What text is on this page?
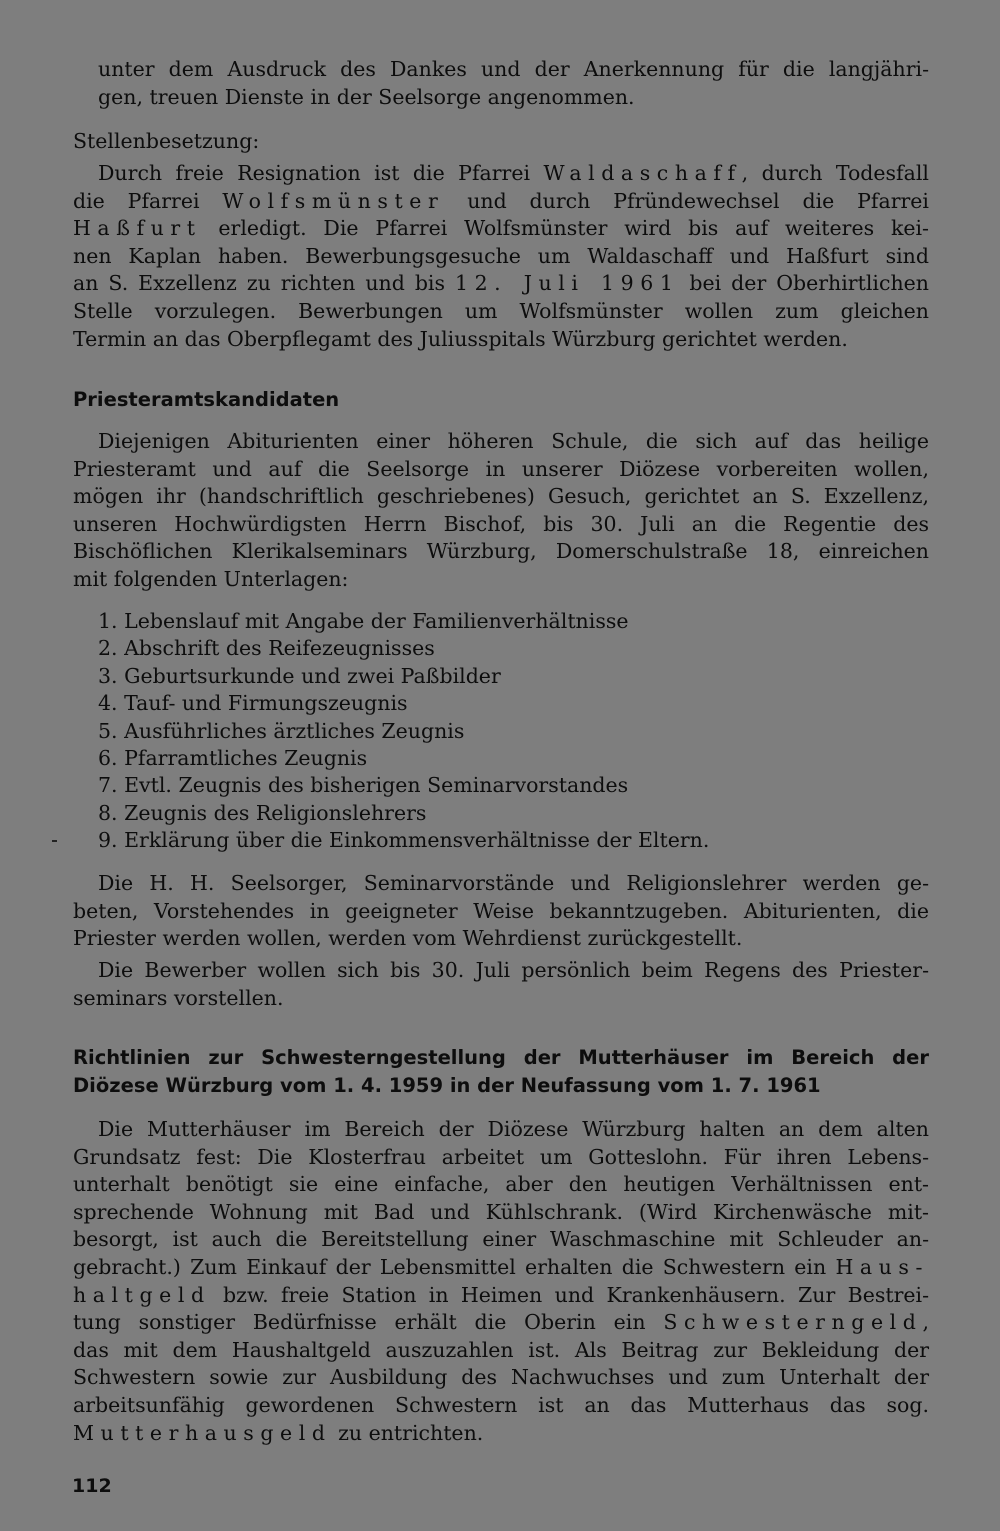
unter dem Ausdruck des Dankes und der Anerkennung für die langjähri-
gen, treuen Dienste in der Seelsorge angenommen.
Stellenbesetzung:
Durch freie Resignation ist die Pfarrei Waldaschaff, durch Todesfall
die Pfarrei Wolfsmünster und durch Pfründewechsel die Pfarrei
Haßfurt erledigt. Die Pfarrei Wolfsmünster wird bis auf weiteres kei-
nen Kaplan haben. Bewerbungsgesuche um Waldaschaff und Haßfurt sind
an S. Exzellenz zu richten und bis 12. Juli 1961 bei der Oberhirtlichen
Stelle vorzulegen. Bewerbungen um Wolfsmünster wollen zum gleichen
Termin an das Oberpflegamt des Juliusspitals Würzburg gerichtet werden.
Priesteramtskandidaten
Diejenigen Abiturienten einer höheren Schule, die sich auf das heilige
Priesteramt und auf die Seelsorge in unserer Diözese vorbereiten wollen,
mögen ihr (handschriftlich geschriebenes) Gesuch, gerichtet an S. Exzellenz,
unseren Hochwürdigsten Herrn Bischof, bis 30. Juli an die Regentie des
Bischöflichen Klerikalseminars Würzburg, Domerschulstraße 18, einreichen
mit folgenden Unterlagen:
1. Lebenslauf mit Angabe der Familienverhältnisse
2. Abschrift des Reifezeugnisses
3. Geburtsurkunde und zwei Paßbilder
4. Tauf- und Firmungszeugnis
5. Ausführliches ärztliches Zeugnis
6. Pfarramtliches Zeugnis
7. Evtl. Zeugnis des bisherigen Seminarvorstandes
8. Zeugnis des Religionslehrers
9. Erklärung über die Einkommensverhältnisse der Eltern.
Die H. H. Seelsorger, Seminarvorstände und Religionslehrer werden ge-
beten, Vorstehendes in geeigneter Weise bekanntzugeben. Abiturienten, die
Priester werden wollen, werden vom Wehrdienst zurückgestellt.
Die Bewerber wollen sich bis 30. Juli persönlich beim Regens des Priester-
seminars vorstellen.
Richtlinien zur Schwesterngestellung der Mutterhäuser im Bereich der
Diözese Würzburg vom 1. 4. 1959 in der Neufassung vom 1. 7. 1961
Die Mutterhäuser im Bereich der Diözese Würzburg halten an dem alten
Grundsatz fest: Die Klosterfrau arbeitet um Gotteslohn. Für ihren Lebens-
unterhalt benötigt sie eine einfache, aber den heutigen Verhältnissen ent-
sprechende Wohnung mit Bad und Kühlschrank. (Wird Kirchenwäsche mit-
besorgt, ist auch die Bereitstellung einer Waschmaschine mit Schleuder an-
gebracht.) Zum Einkauf der Lebensmittel erhalten die Schwestern ein Haus-
haltgeld bzw. freie Station in Heimen und Krankenhäusern. Zur Bestrei-
tung sonstiger Bedürfnisse erhält die Oberin ein Schwesterngeld,
das mit dem Haushaltgeld auszuzahlen ist. Als Beitrag zur Bekleidung der
Schwestern sowie zur Ausbildung des Nachwuchses und zum Unterhalt der
arbeitsunfähig gewordenen Schwestern ist an das Mutterhaus das sog.
Mutterhausgeld zu entrichten.
112
